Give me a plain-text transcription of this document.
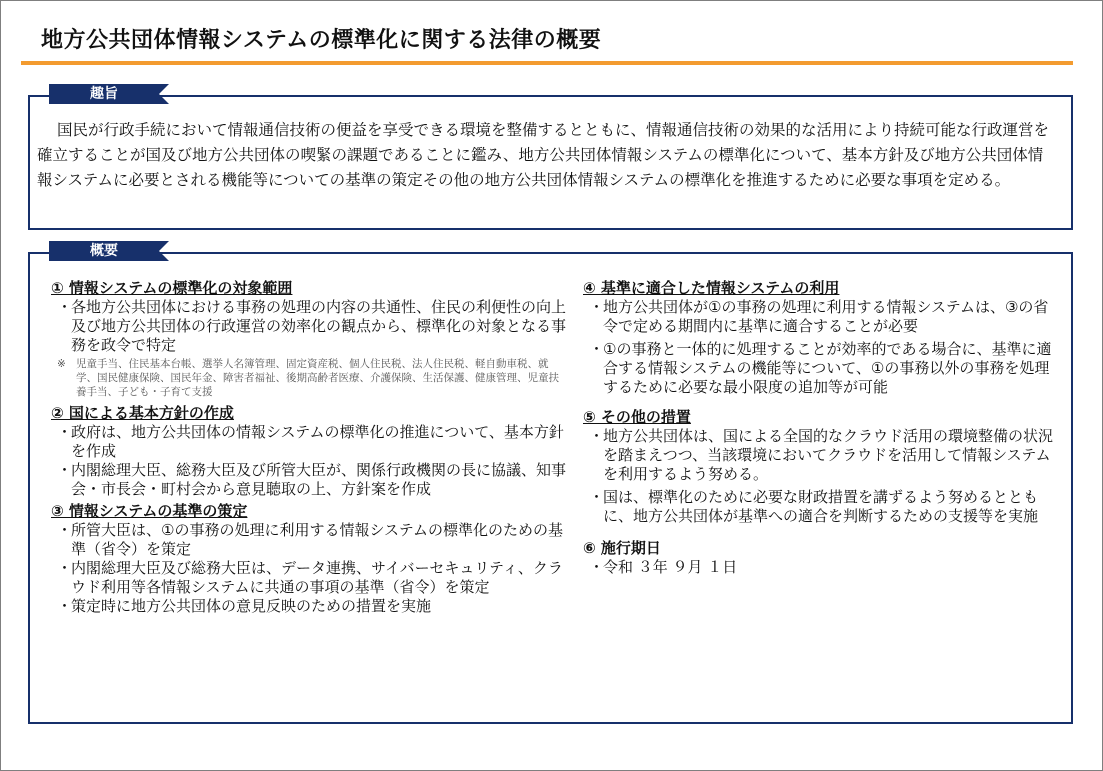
地方公共団体情報システムの標準化に関する法律の概要
趣旨
国民が行政手続において情報通信技術の便益を享受できる環境を整備するとともに、情報通信技術の効果的な活用により持続可能な行政運営を確立することが国及び地方公共団体の喫緊の課題であることに鑑み、地方公共団体情報システムの標準化について、基本方針及び地方公共団体情報システムに必要とされる機能等についての基準の策定その他の地方公共団体情報システムの標準化を推進するために必要な事項を定める。
概要

① 情報システムの標準化の対象範囲

・
各地方公共団体における事務の処理の内容の共通性、住民の利便性の向上及び地方公共団体の行政運営の効率化の観点から、標準化の対象となる事務を政令で特定

※ 児童手当、住民基本台帳、選挙人名簿管理、固定資産税、個人住民税、法人住民税、軽自動車税、就学、国民健康保険、国民年金、障害者福祉、後期高齢者医療、介護保険、生活保護、健康管理、児童扶養手当、子ども・子育て支援

② 国による基本方針の作成

・
政府は、地方公共団体の情報システムの標準化の推進について、基本方針を作成

・
内閣総理大臣、総務大臣及び所管大臣が、関係行政機関の長に協議、知事会・市長会・町村会から意見聴取の上、方針案を作成

③ 情報システムの基準の策定

・
所管大臣は、①の事務の処理に利用する情報システムの標準化のための基準（省令）を策定

・
内閣総理大臣及び総務大臣は、データ連携、サイバーセキュリティ、クラウド利用等各情報システムに共通の事項の基準（省令）を策定

・
策定時に地方公共団体の意見反映のための措置を実施

④ 基準に適合した情報システムの利用

・
地方公共団体が①の事務の処理に利用する情報システムは、③の省令で定める期間内に基準に適合することが必要

・
①の事務と一体的に処理することが効率的である場合に、基準に適合する情報システムの機能等について、①の事務以外の事務を処理するために必要な最小限度の追加等が可能

⑤ その他の措置

・
地方公共団体は、国による全国的なクラウド活用の環境整備の状況を踏まえつつ、当該環境においてクラウドを活用して情報システムを利用するよう努める。

・
国は、標準化のために必要な財政措置を講ずるよう努めるとともに、地方公共団体が基準への適合を判断するための支援等を実施

⑥ 施行期日

・
令和 ３年 ９月 １日
